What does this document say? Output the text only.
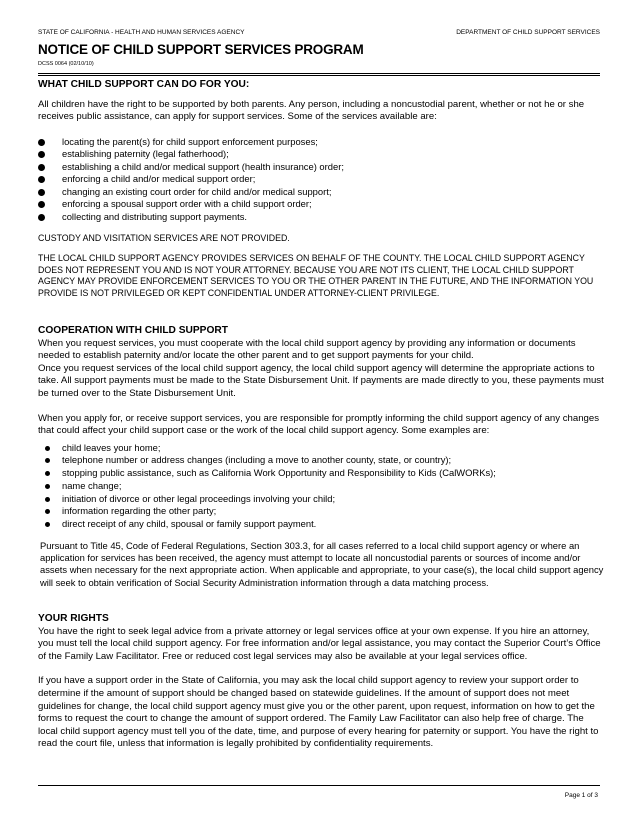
STATE OF CALIFORNIA - HEALTH AND HUMAN SERVICES AGENCY	DEPARTMENT OF CHILD SUPPORT SERVICES
NOTICE OF CHILD SUPPORT SERVICES PROGRAM
DCSS 0064 (02/10/10)

WHAT CHILD SUPPORT CAN DO FOR YOU:

All children have the right to be supported by both parents. Any person, including a noncustodial parent, whether or not he or she receives public assistance, can apply for support services. Some of the services available are:

locating the parent(s) for child support enforcement purposes;
establishing paternity (legal fatherhood);
establishing a child and/or medical support (health insurance) order;
enforcing a child and/or medical support order;
changing an existing court order for child and/or medical support;
enforcing a spousal support order with a child support order;
collecting and distributing support payments.

CUSTODY AND VISITATION SERVICES ARE NOT PROVIDED.

THE LOCAL CHILD SUPPORT AGENCY PROVIDES SERVICES ON BEHALF OF THE COUNTY. THE LOCAL CHILD SUPPORT AGENCY DOES NOT REPRESENT YOU AND IS NOT YOUR ATTORNEY. BECAUSE YOU ARE NOT ITS CLIENT, THE LOCAL CHILD SUPPORT AGENCY MAY PROVIDE ENFORCEMENT SERVICES TO YOU OR THE OTHER PARENT IN THE FUTURE, AND THE INFORMATION YOU PROVIDE IS NOT PRIVILEGED OR KEPT CONFIDENTIAL UNDER ATTORNEY-CLIENT PRIVILEGE.

COOPERATION WITH CHILD SUPPORT

When you request services, you must cooperate with the local child support agency by providing any information or documents needed to establish paternity and/or locate the other parent and to get support payments for your child.

Once you request services of the local child support agency, the local child support agency will determine the appropriate actions to take. All support payments must be made to the State Disbursement Unit. If payments are made directly to you, these payments must be turned over to the State Disbursement Unit.

When you apply for, or receive support services, you are responsible for promptly informing the child support agency of any changes that could affect your child support case or the work of the local child support agency. Some examples are:

child leaves your home;
telephone number or address changes (including a move to another county, state, or country);
stopping public assistance, such as California Work Opportunity and Responsibility to Kids (CalWORKs);
name change;
initiation of divorce or other legal proceedings involving your child;
information regarding the other party;
direct receipt of any child, spousal or family support payment.

Pursuant to Title 45, Code of Federal Regulations, Section 303.3, for all cases referred to a local child support agency or where an application for services has been received, the agency must attempt to locate all noncustodial parents or sources of income and/or assets when necessary for the next appropriate action. When applicable and appropriate, to your case(s), the local child support agency will seek to obtain verification of Social Security Administration information through a data matching process.

YOUR RIGHTS

You have the right to seek legal advice from a private attorney or legal services office at your own expense. If you hire an attorney, you must tell the local child support agency. For free information and/or legal assistance, you may contact the Superior Court’s Office of the Family Law Facilitator. Free or reduced cost legal services may also be available at your legal services office.

If you have a support order in the State of California, you may ask the local child support agency to review your support order to determine if the amount of support should be changed based on statewide guidelines. If the amount of support does not meet guidelines for change, the local child support agency must give you or the other parent, upon request, information on how to get the forms to request the court to change the amount of support ordered. The Family Law Facilitator can also help free of charge. The local child support agency must tell you of the date, time, and purpose of every hearing for paternity or support. You have the right to read the court file, unless that information is legally prohibited by confidentiality requirements.

Page 1 of 3
